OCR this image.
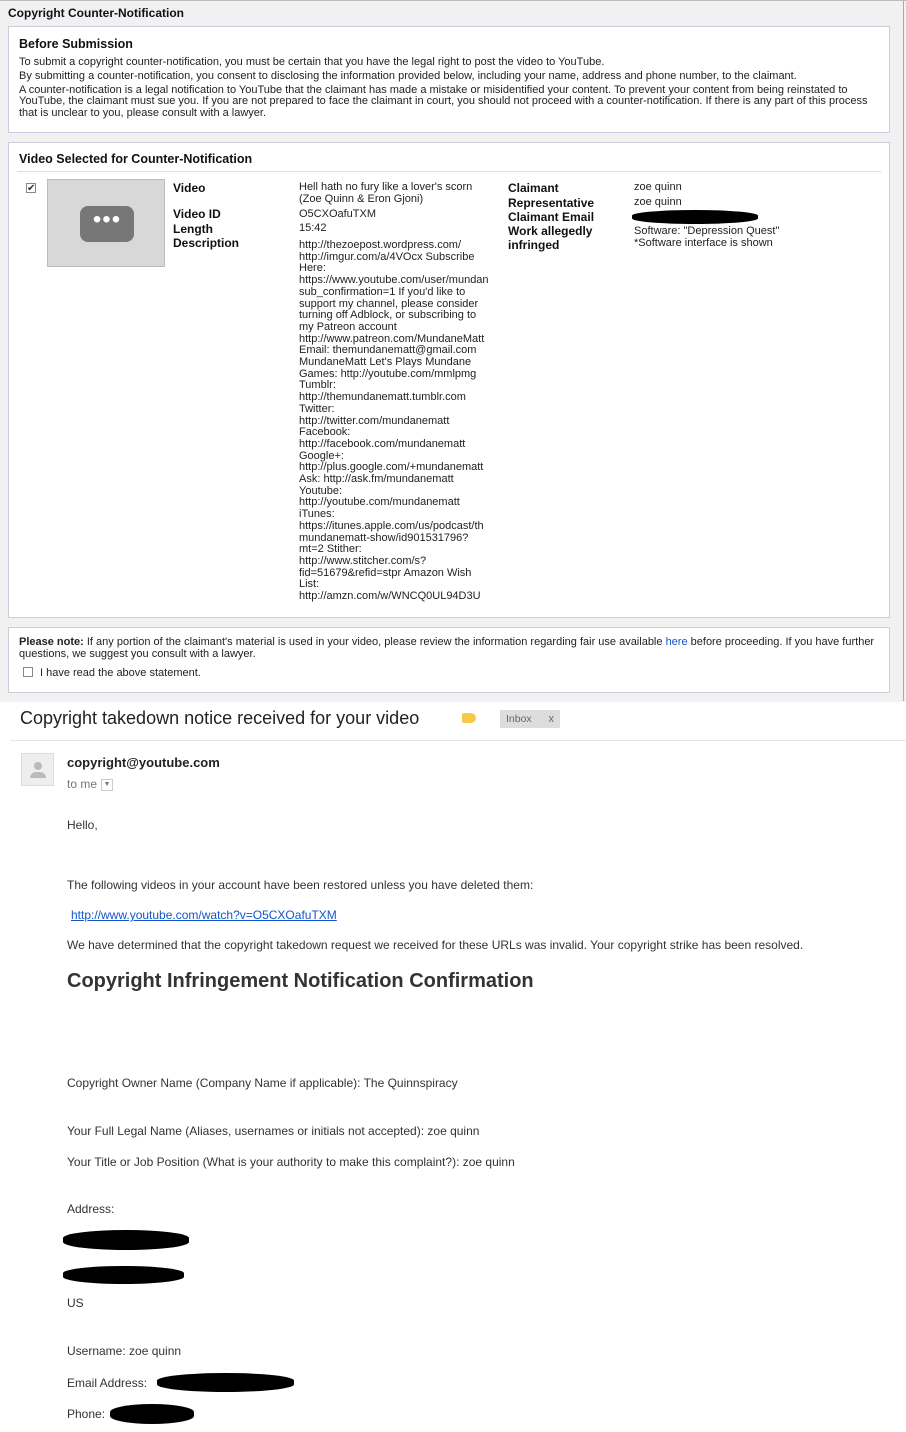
Copyright Counter-Notification
Before Submission

To submit a copyright counter-notification, you must be certain that you have the legal right to post the video to YouTube.

By submitting a counter-notification, you consent to disclosing the information provided below, including your name, address and phone number, to the claimant.

A counter-notification is a legal notification to YouTube that the claimant has made a mistake or misidentified your content. To prevent your content from being reinstated to YouTube, the claimant must sue you. If you are not prepared to face the claimant in court, you should not proceed with a counter-notification. If there is any part of this process that is unclear to you, please consult with a lawyer.

Video Selected for Counter-Notification
✔
•••
Video
Video ID
Length
Description
Hell hath no fury like a lover's scorn (Zoe Quinn & Eron Gjoni)
O5CXOafuTXM
15:42
http://thezoepost.wordpress.com/
http://imgur.com/a/4VOcx Subscribe
Here:
https://www.youtube.com/user/mundan
sub_confirmation=1 If you'd like to
support my channel, please consider
turning off Adblock, or subscribing to
my Patreon account
http://www.patreon.com/MundaneMatt
Email: themundanematt@gmail.com
MundaneMatt Let's Plays Mundane
Games: http://youtube.com/mmlpmg
Tumblr:
http://themundanematt.tumblr.com
Twitter:
http://twitter.com/mundanematt
Facebook:
http://facebook.com/mundanematt
Google+:
http://plus.google.com/+mundanematt
Ask: http://ask.fm/mundanematt
Youtube:
http://youtube.com/mundanematt
iTunes:
https://itunes.apple.com/us/podcast/th
mundanematt-show/id901531796?
mt=2 Stither:
http://www.stitcher.com/s?
fid=51679&refid=stpr Amazon Wish
List:
http://amzn.com/w/WNCQ0UL94D3U
Claimant
Representative
Claimant Email
Work allegedly infringed
zoe quinn
zoe quinn
Software: "Depression Quest"
*Software interface is shown
Please note: If any portion of the claimant's material is used in your video, please review the information regarding fair use available here before proceeding. If you have further questions, we suggest you consult with a lawyer.
I have read the above statement.
Copyright takedown notice received for your video	Inbox x
copyright@youtube.com
to me ▼
Hello,
The following videos in your account have been restored unless you have deleted them:
http://www.youtube.com/watch?v=O5CXOafuTXM
We have determined that the copyright takedown request we received for these URLs was invalid. Your copyright strike has been resolved.
Copyright Infringement Notification Confirmation
Copyright Owner Name (Company Name if applicable): The Quinnspiracy
Your Full Legal Name (Aliases, usernames or initials not accepted): zoe quinn
Your Title or Job Position (What is your authority to make this complaint?): zoe quinn
Address:
US
Username: zoe quinn
Email Address:
Phone:
